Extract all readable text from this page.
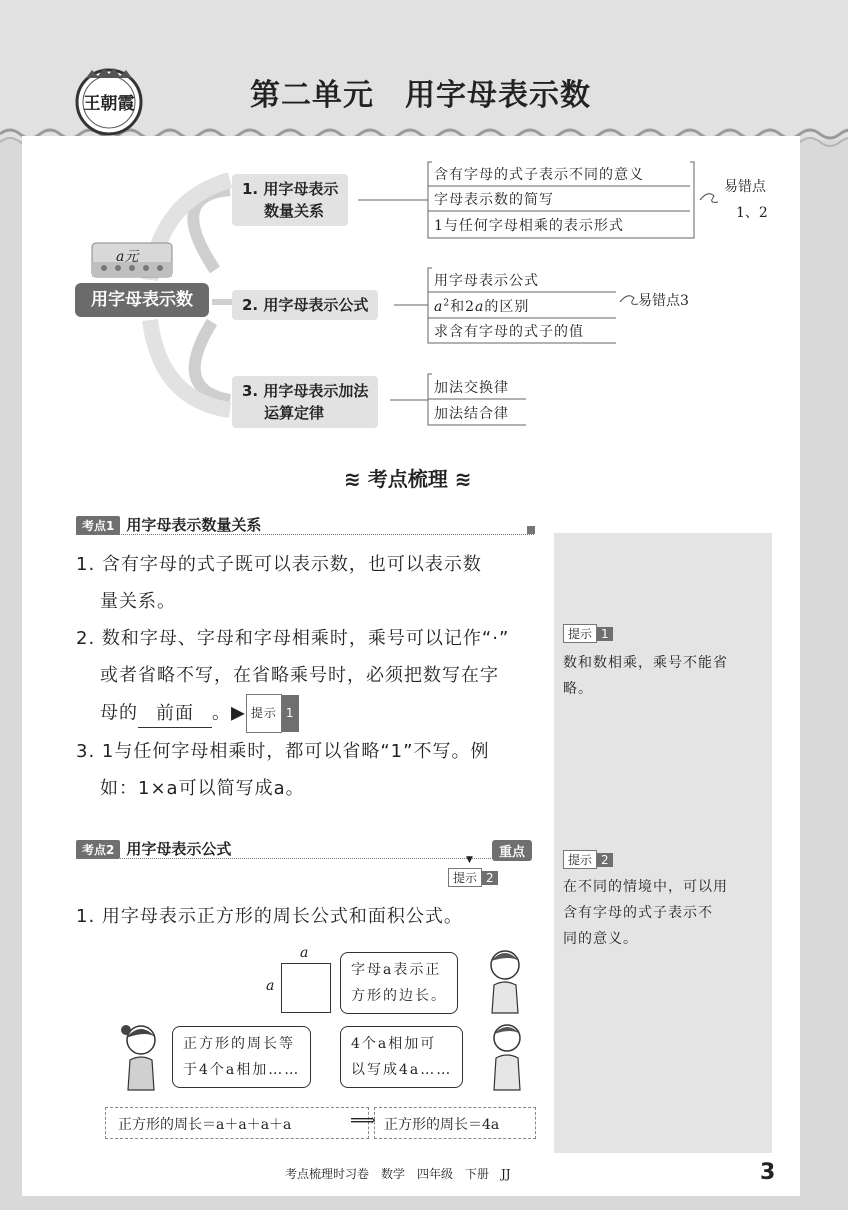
王朝霞	第二单元　用字母表示数
a元
用字母表示数
1. 用字母表示
数量关系
2. 用字母表示公式
3. 用字母表示加法
运算定律
含有字母的式子表示不同的意义
字母表示数的简写
1与任何字母相乘的表示形式
易错点
1、2
用字母表示公式
$a^2$和2a的区别
求含有字母的式子的值
易错点3
加法交换律
加法结合律
≋ 考点梳理 ≋
考点1 用字母表示数量关系
1. 含有字母的式子既可以表示数，也可以表示数
量关系。
2. 数和字母、字母和字母相乘时，乘号可以记作“·”
或者省略不写，在省略乘号时，必须把数写在字
母的 前面 。▶ 提示 1
3. 1与任何字母相乘时，都可以省略“1”不写。例
如：1×a可以简写成a。
考点2 用字母表示公式	重点
▼
提示 2
1. 用字母表示正方形的周长公式和面积公式。
提示 1
数和数相乘，乘号不能省
略。
提示 2
在不同的情境中，可以用
含有字母的式子表示不
同的意义。
a
a
字母a表示正
方形的边长。
正方形的周长等
于4个a相加……
4个a相加可
以写成4a……
正方形的周长＝a＋a＋a＋a	⟹ 正方形的周长＝4a
考点梳理时习卷　数学　四年级　下册　JJ	3
